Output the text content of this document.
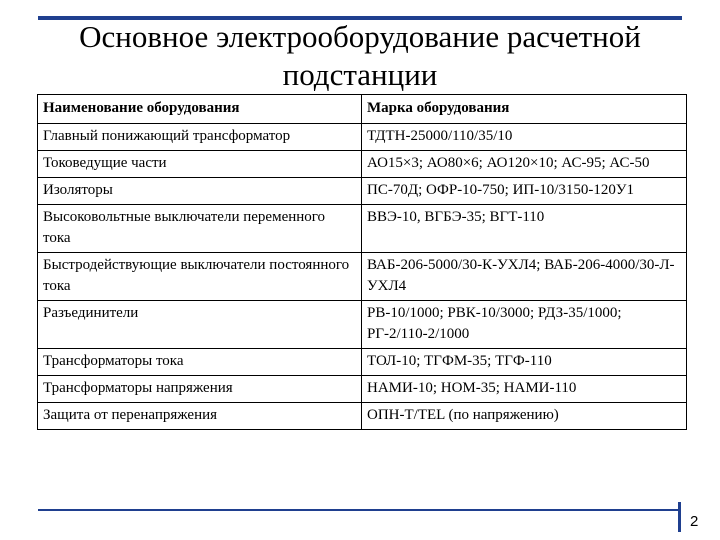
Основное электрооборудование расчетной
подстанции
Наименование оборудования	Марка оборудования
Главный понижающий трансформатор	ТДТН-25000/110/35/10
Токоведущие части	АО15×3; АО80×6; АО120×10; АС-95; АС-50
Изоляторы	ПС-70Д; ОФР-10-750; ИП-10/3150-120У1
Высоковольтные выключатели переменного тока	ВВЭ-10, ВГБЭ-35; ВГТ-110
Быстродействующие выключатели постоянного тока	ВАБ-206-5000/30-К-УХЛ4; ВАБ-206-4000/30-Л-УХЛ4
Разъединители	РВ-10/1000; РВК-10/3000; РДЗ-35/1000; РГ-2/110-2/1000
Трансформаторы тока	ТОЛ-10; ТГФМ-35; ТГФ-110
Трансформаторы напряжения	НАМИ-10; НОМ-35; НАМИ-110
Защита от перенапряжения	ОПН-Т/TEL (по напряжению)
2
